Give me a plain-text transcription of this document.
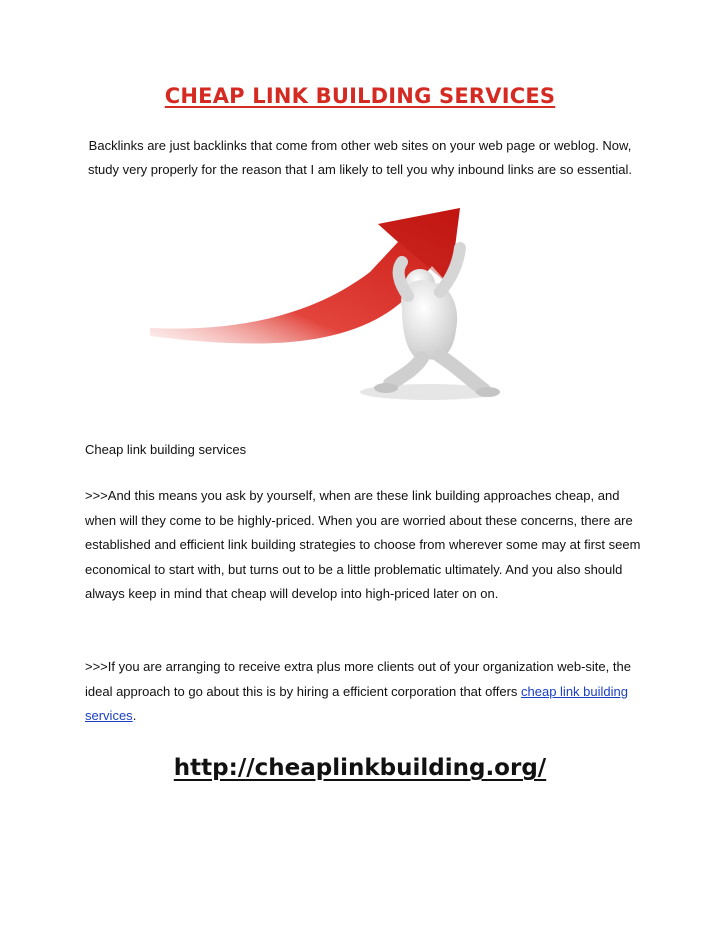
CHEAP LINK BUILDING SERVICES
Backlinks are just backlinks that come from other web sites on your web page or weblog. Now, study very properly for the reason that I am likely to tell you why inbound links are so essential.
Cheap link building services
>>>And this means you ask by yourself, when are these link building approaches cheap, and when will they come to be highly-priced. When you are worried about these concerns, there are established and efficient link building strategies to choose from wherever some may at first seem economical to start with, but turns out to be a little problematic ultimately. And you also should always keep in mind that cheap will develop into high-priced later on on.
>>>If you are arranging to receive extra plus more clients out of your organization web-site, the ideal approach to go about this is by hiring a efficient corporation that offers cheap link building services.
http://cheaplinkbuilding.org/
